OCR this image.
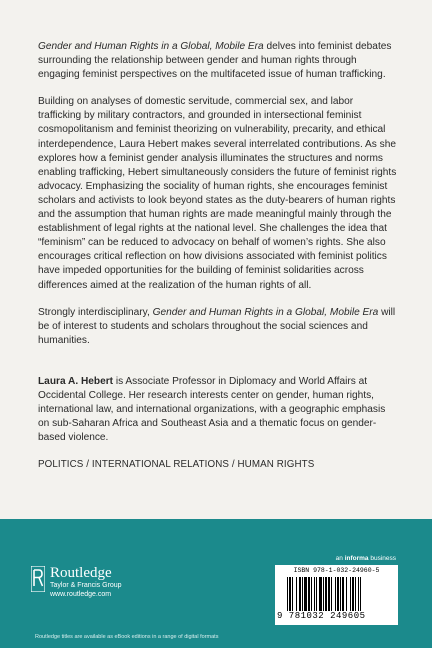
Gender and Human Rights in a Global, Mobile Era delves into feminist debates surrounding the relationship between gender and human rights through engaging feminist perspectives on the multifaceted issue of human trafficking.

Building on analyses of domestic servitude, commercial sex, and labor trafficking by military contractors, and grounded in intersectional feminist cosmopolitanism and feminist theorizing on vulnerability, precarity, and ethical interdependence, Laura Hebert makes several interrelated contributions. As she explores how a feminist gender analysis illuminates the structures and norms enabling trafficking, Hebert simultaneously considers the future of feminist rights advocacy. Emphasizing the sociality of human rights, she encourages feminist scholars and activists to look beyond states as the duty-bearers of human rights and the assumption that human rights are made meaningful mainly through the establishment of legal rights at the national level. She challenges the idea that “feminism” can be reduced to advocacy on behalf of women’s rights. She also encourages critical reflection on how divisions associated with feminist politics have impeded opportunities for the building of feminist solidarities across differences aimed at the realization of the human rights of all.

Strongly interdisciplinary, Gender and Human Rights in a Global, Mobile Era will be of interest to students and scholars throughout the social sciences and humanities.

Laura A. Hebert is Associate Professor in Diplomacy and World Affairs at Occidental College. Her research interests center on gender, human rights, international law, and international organizations, with a geographic emphasis on sub-Saharan Africa and Southeast Asia and a thematic focus on gender-based violence.

POLITICS / INTERNATIONAL RELATIONS / HUMAN RIGHTS

an informa business
Routledge
Taylor & Francis Group
www.routledge.com
ISBN 978-1-032-24960-5
9 781032 249605
Routledge titles are available as eBook editions in a range of digital formats
